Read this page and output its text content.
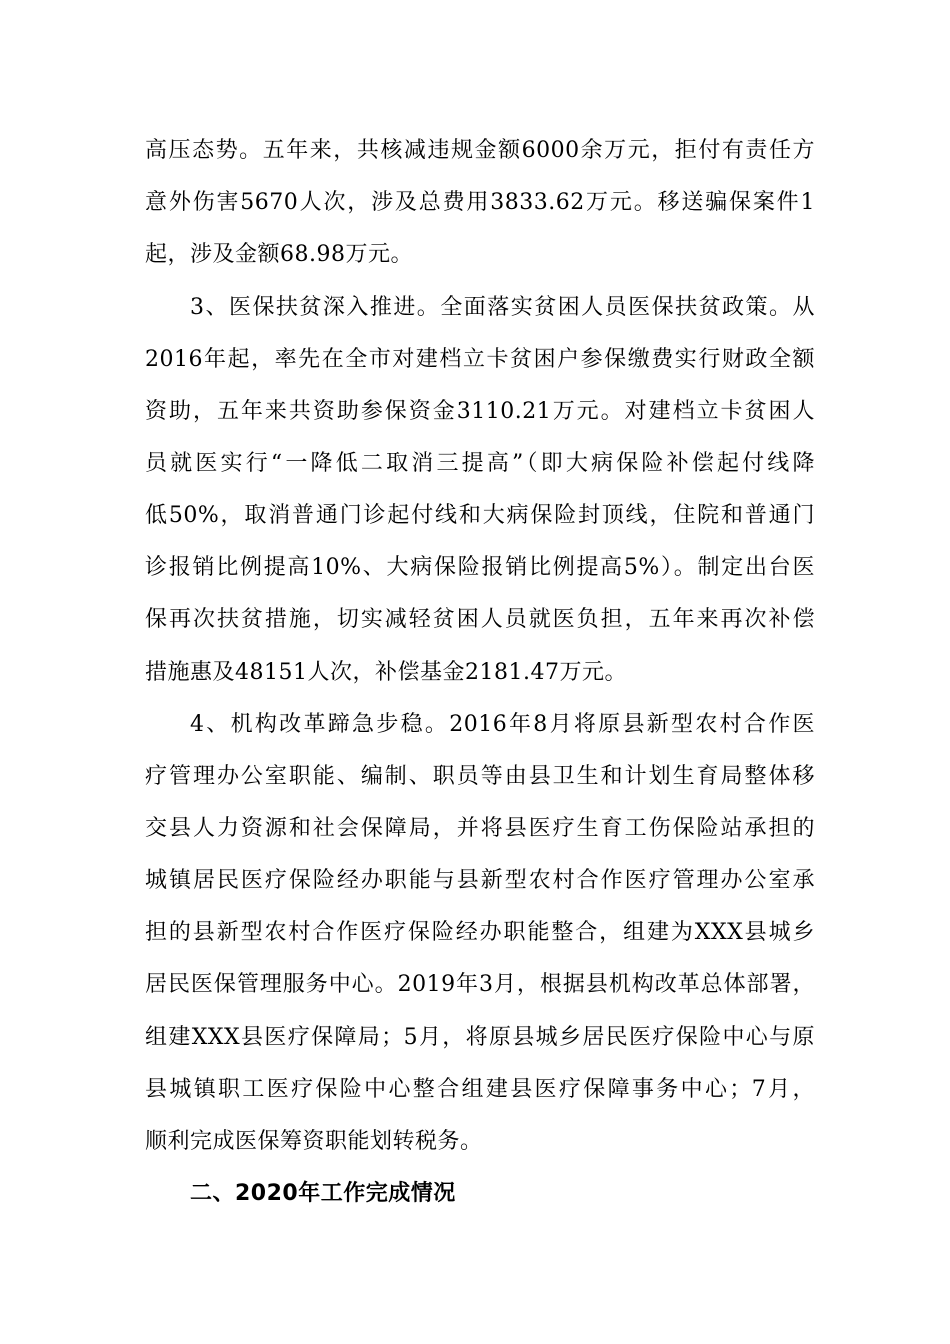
高压态势。五年来，共核减违规金额6000余万元，拒付有责任方
意外伤害5670人次，涉及总费用3833.62万元。移送骗保案件1
起，涉及金额68.98万元。
3、医保扶贫深入推进。全面落实贫困人员医保扶贫政策。从
2016年起，率先在全市对建档立卡贫困户参保缴费实行财政全额
资助，五年来共资助参保资金3110.21万元。对建档立卡贫困人
员就医实行“一降低二取消三提高”（即大病保险补偿起付线降
低50%，取消普通门诊起付线和大病保险封顶线，住院和普通门
诊报销比例提高10%、大病保险报销比例提高5%）。制定出台医
保再次扶贫措施，切实减轻贫困人员就医负担，五年来再次补偿
措施惠及48151人次，补偿基金2181.47万元。
4、机构改革蹄急步稳。2016年8月将原县新型农村合作医
疗管理办公室职能、编制、职员等由县卫生和计划生育局整体移
交县人力资源和社会保障局，并将县医疗生育工伤保险站承担的
城镇居民医疗保险经办职能与县新型农村合作医疗管理办公室承
担的县新型农村合作医疗保险经办职能整合，组建为XXX县城乡
居民医保管理服务中心。2019年3月，根据县机构改革总体部署，
组建XXX县医疗保障局；5月，将原县城乡居民医疗保险中心与原
县城镇职工医疗保险中心整合组建县医疗保障事务中心；7月，
顺利完成医保筹资职能划转税务。
二、2020年工作完成情况
